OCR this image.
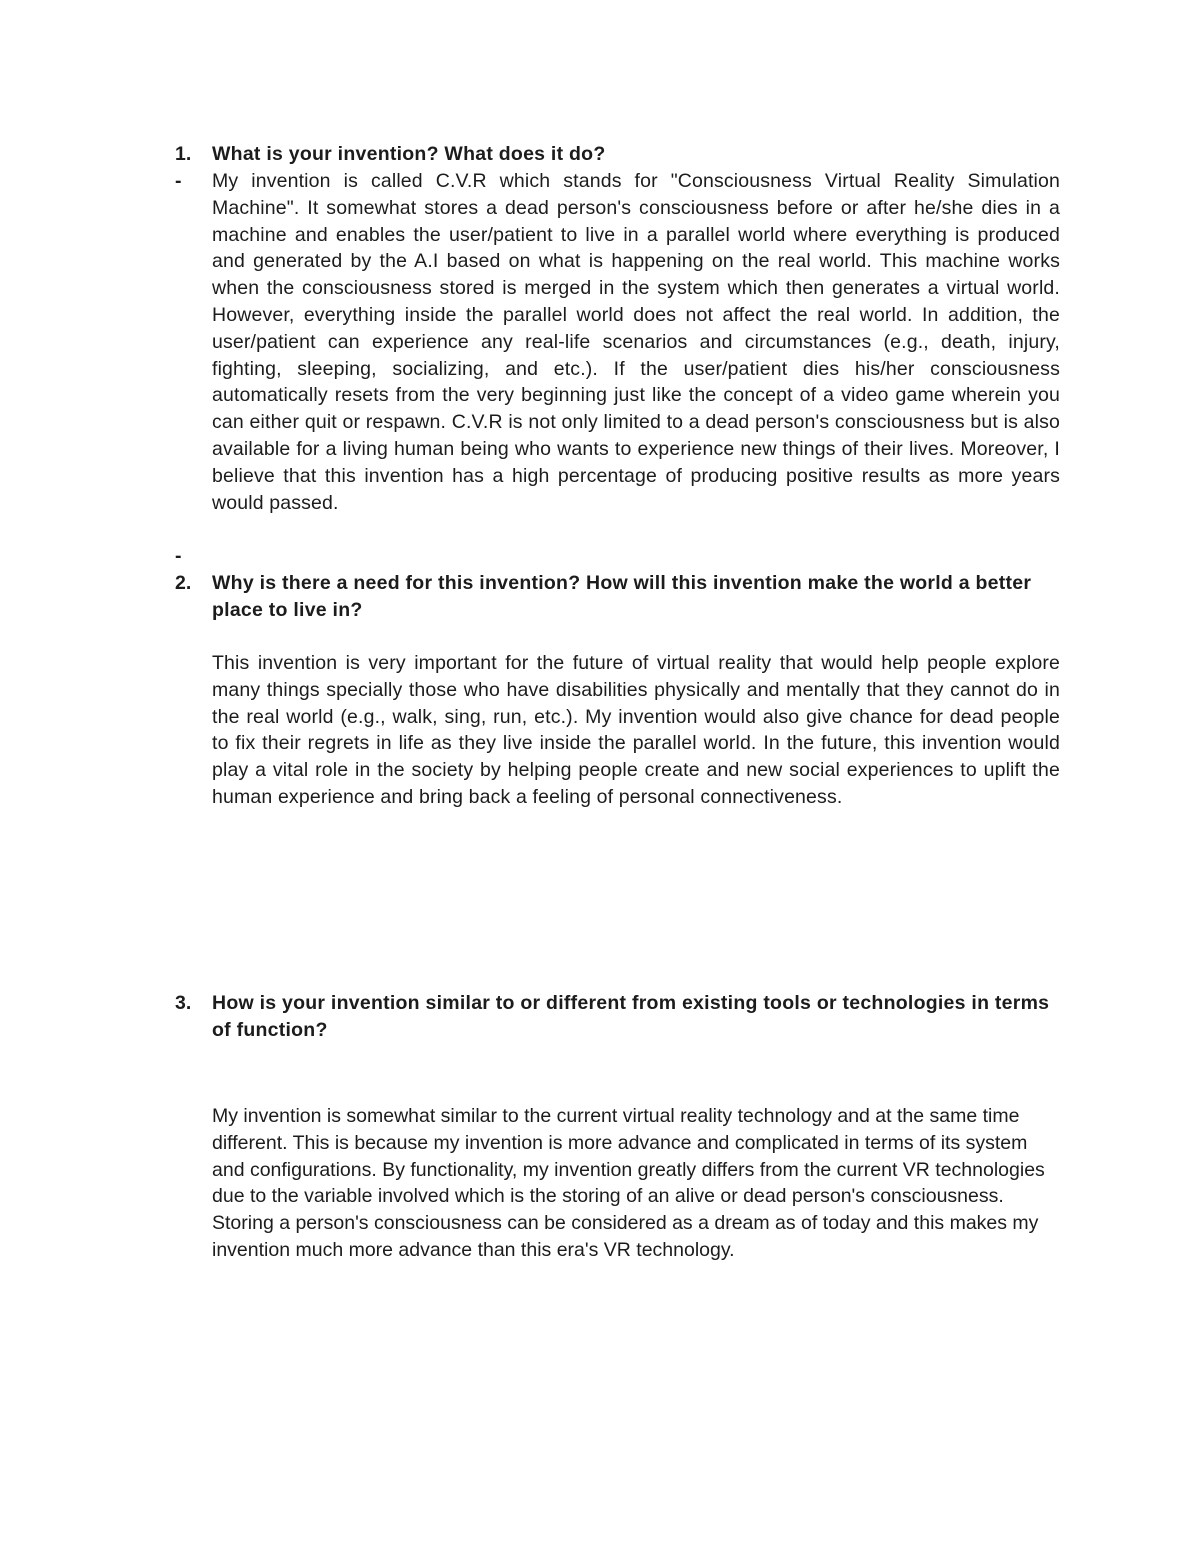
1.	What is your invention? What does it do?
-	My invention is called C.V.R which stands for "Consciousness Virtual Reality Simulation Machine". It somewhat stores a dead person's consciousness before or after he/she dies in a machine and enables the user/patient to live in a parallel world where everything is produced and generated by the A.I based on what is happening on the real world. This machine works when the consciousness stored is merged in the system which then generates a virtual world. However, everything inside the parallel world does not affect the real world. In addition, the user/patient can experience any real-life scenarios and circumstances (e.g., death, injury, fighting, sleeping, socializing, and etc.). If the user/patient dies his/her consciousness automatically resets from the very beginning just like the concept of a video game wherein you can either quit or respawn. C.V.R is not only limited to a dead person's consciousness but is also available for a living human being who wants to experience new things of their lives. Moreover, I believe that this invention has a high percentage of producing positive results as more years would passed.
-
2.	Why is there a need for this invention? How will this invention make the world a better place to live in?

This invention is very important for the future of virtual reality that would help people explore many things specially those who have disabilities physically and mentally that they cannot do in the real world (e.g., walk, sing, run, etc.). My invention would also give chance for dead people to fix their regrets in life as they live inside the parallel world. In the future, this invention would play a vital role in the society by helping people create and new social experiences to uplift the human experience and bring back a feeling of personal connectiveness.

3.	How is your invention similar to or different from existing tools or technologies in terms of function?

My invention is somewhat similar to the current virtual reality technology and at the same time different. This is because my invention is more advance and complicated in terms of its system and configurations. By functionality, my invention greatly differs from the current VR technologies due to the variable involved which is the storing of an alive or dead person's consciousness. Storing a person's consciousness can be considered as a dream as of today and this makes my invention much more advance than this era's VR technology.
